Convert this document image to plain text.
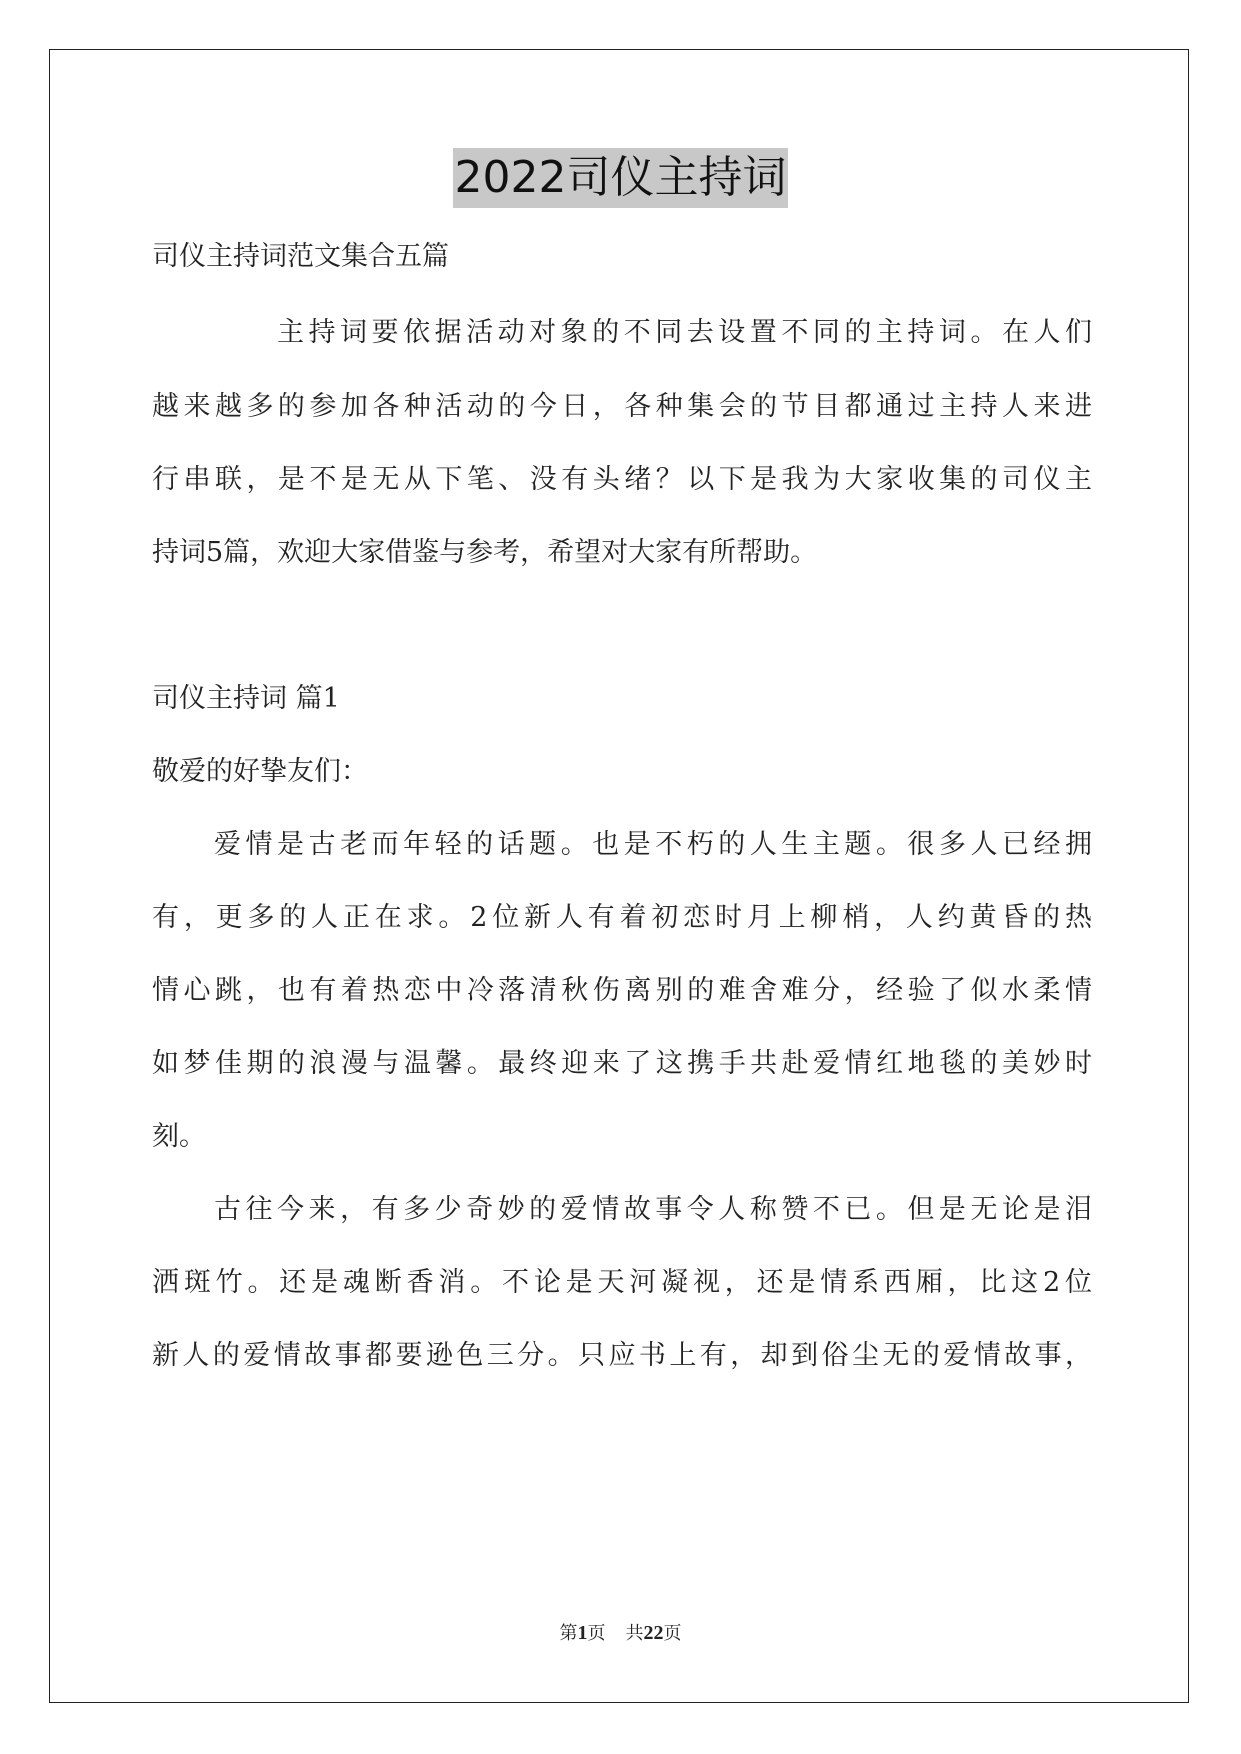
2022司仪主持词
司仪主持词范文集合五篇
主持词要依据活动对象的不同去设置不同的主持词。在人们
越来越多的参加各种活动的今日，各种集会的节目都通过主持人来进
行串联，是不是无从下笔、没有头绪？以下是我为大家收集的司仪主
持词5篇，欢迎大家借鉴与参考，希望对大家有所帮助。
司仪主持词 篇1
敬爱的好挚友们：
爱情是古老而年轻的话题。也是不朽的人生主题。很多人已经拥
有，更多的人正在求。2位新人有着初恋时月上柳梢，人约黄昏的热
情心跳，也有着热恋中冷落清秋伤离别的难舍难分，经验了似水柔情
如梦佳期的浪漫与温馨。最终迎来了这携手共赴爱情红地毯的美妙时
刻。
古往今来，有多少奇妙的爱情故事令人称赞不已。但是无论是泪
洒斑竹。还是魂断香消。不论是天河凝视，还是情系西厢，比这2位
新人的爱情故事都要逊色三分。只应书上有，却到俗尘无的爱情故事，
第1页 共22页
